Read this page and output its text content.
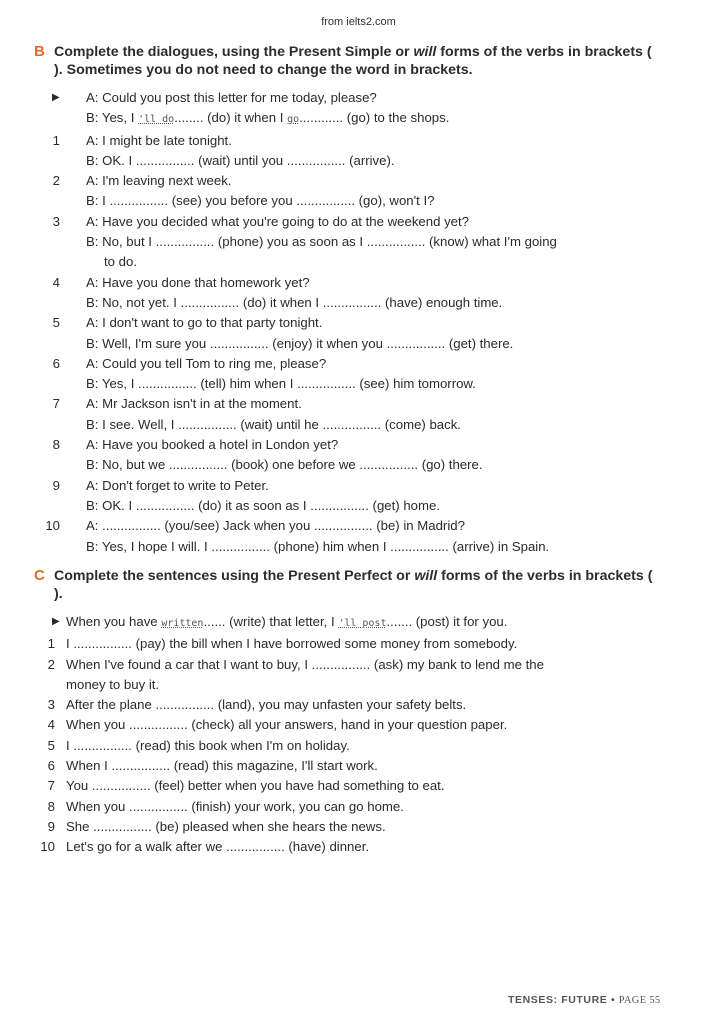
from ielts2.com
B Complete the dialogues, using the Present Simple or will forms of the verbs in brackets ( ). Sometimes you do not need to change the word in brackets.
▶ A: Could you post this letter for me today, please?
B: Yes, I 'll do........ (do) it when I go............ (go) to the shops.
1 A: I might be late tonight.
B: OK. I ................ (wait) until you ................ (arrive).
2 A: I'm leaving next week.
B: I ................ (see) you before you ................ (go), won't I?
3 A: Have you decided what you're going to do at the weekend yet?
B: No, but I ................ (phone) you as soon as I ................ (know) what I'm going
to do.
4 A: Have you done that homework yet?
B: No, not yet. I ................ (do) it when I ................ (have) enough time.
5 A: I don't want to go to that party tonight.
B: Well, I'm sure you ................ (enjoy) it when you ................ (get) there.
6 A: Could you tell Tom to ring me, please?
B: Yes, I ................ (tell) him when I ................ (see) him tomorrow.
7 A: Mr Jackson isn't in at the moment.
B: I see. Well, I ................ (wait) until he ................ (come) back.
8 A: Have you booked a hotel in London yet?
B: No, but we ................ (book) one before we ................ (go) there.
9 A: Don't forget to write to Peter.
B: OK. I ................ (do) it as soon as I ................ (get) home.
10 A: ................ (you/see) Jack when you ................ (be) in Madrid?
B: Yes, I hope I will. I ................ (phone) him when I ................ (arrive) in Spain.
C Complete the sentences using the Present Perfect or will forms of the verbs in brackets ( ).
▶ When you have written...... (write) that letter, I 'll post....... (post) it for you.
1 I ................ (pay) the bill when I have borrowed some money from somebody.
2 When I've found a car that I want to buy, I ................ (ask) my bank to lend me the
money to buy it.
3 After the plane ................ (land), you may unfasten your safety belts.
4 When you ................ (check) all your answers, hand in your question paper.
5 I ................ (read) this book when I'm on holiday.
6 When I ................ (read) this magazine, I'll start work.
7 You ................ (feel) better when you have had something to eat.
8 When you ................ (finish) your work, you can go home.
9 She ................ (be) pleased when she hears the news.
10 Let's go for a walk after we ................ (have) dinner.
TENSES: FUTURE • PAGE 55
